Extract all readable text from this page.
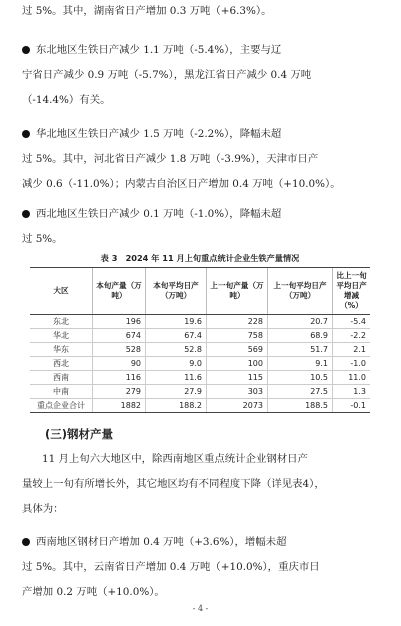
过 5%。其中，湖南省日产增加 0.3 万吨（+6.3%）。
东北地区生铁日产减少 1.1 万吨（-5.4%），主要与辽
宁省日产减少 0.9 万吨（-5.7%），黑龙江省日产减少 0.4 万吨
（-14.4%）有关。
华北地区生铁日产减少 1.5 万吨（-2.2%），降幅未超
过 5%。其中，河北省日产减少 1.8 万吨（-3.9%），天津市日产
减少 0.6（-11.0%）；内蒙古自治区日产增加 0.4 万吨（+10.0%）。
西北地区生铁日产减少 0.1 万吨（-1.0%），降幅未超
过 5%。
表 3　2024 年 11 月上旬重点统计企业生铁产量情况
大区	本旬产量（万吨）	本旬平均日产（万吨）	上一旬产量（万吨）	上一旬平均日产（万吨）	比上一旬平均日产增减（%）
东北	196	19.6	228	20.7	-5.4
华北	674	67.4	758	68.9	-2.2
华东	528	52.8	569	51.7	2.1
西北	90	9.0	100	9.1	-1.0
西南	116	11.6	115	10.5	11.0
中南	279	27.9	303	27.5	1.3
重点企业合计	1882	188.2	2073	188.5	-0.1
(三)钢材产量
11 月上旬六大地区中，除西南地区重点统计企业钢材日产
量较上一旬有所增长外，其它地区均有不同程度下降（详见表4），
具体为：
西南地区钢材日产增加 0.4 万吨（+3.6%），增幅未超
过 5%。其中，云南省日产增加 0.4 万吨（+10.0%），重庆市日
产增加 0.2 万吨（+10.0%）。
- 4 -
